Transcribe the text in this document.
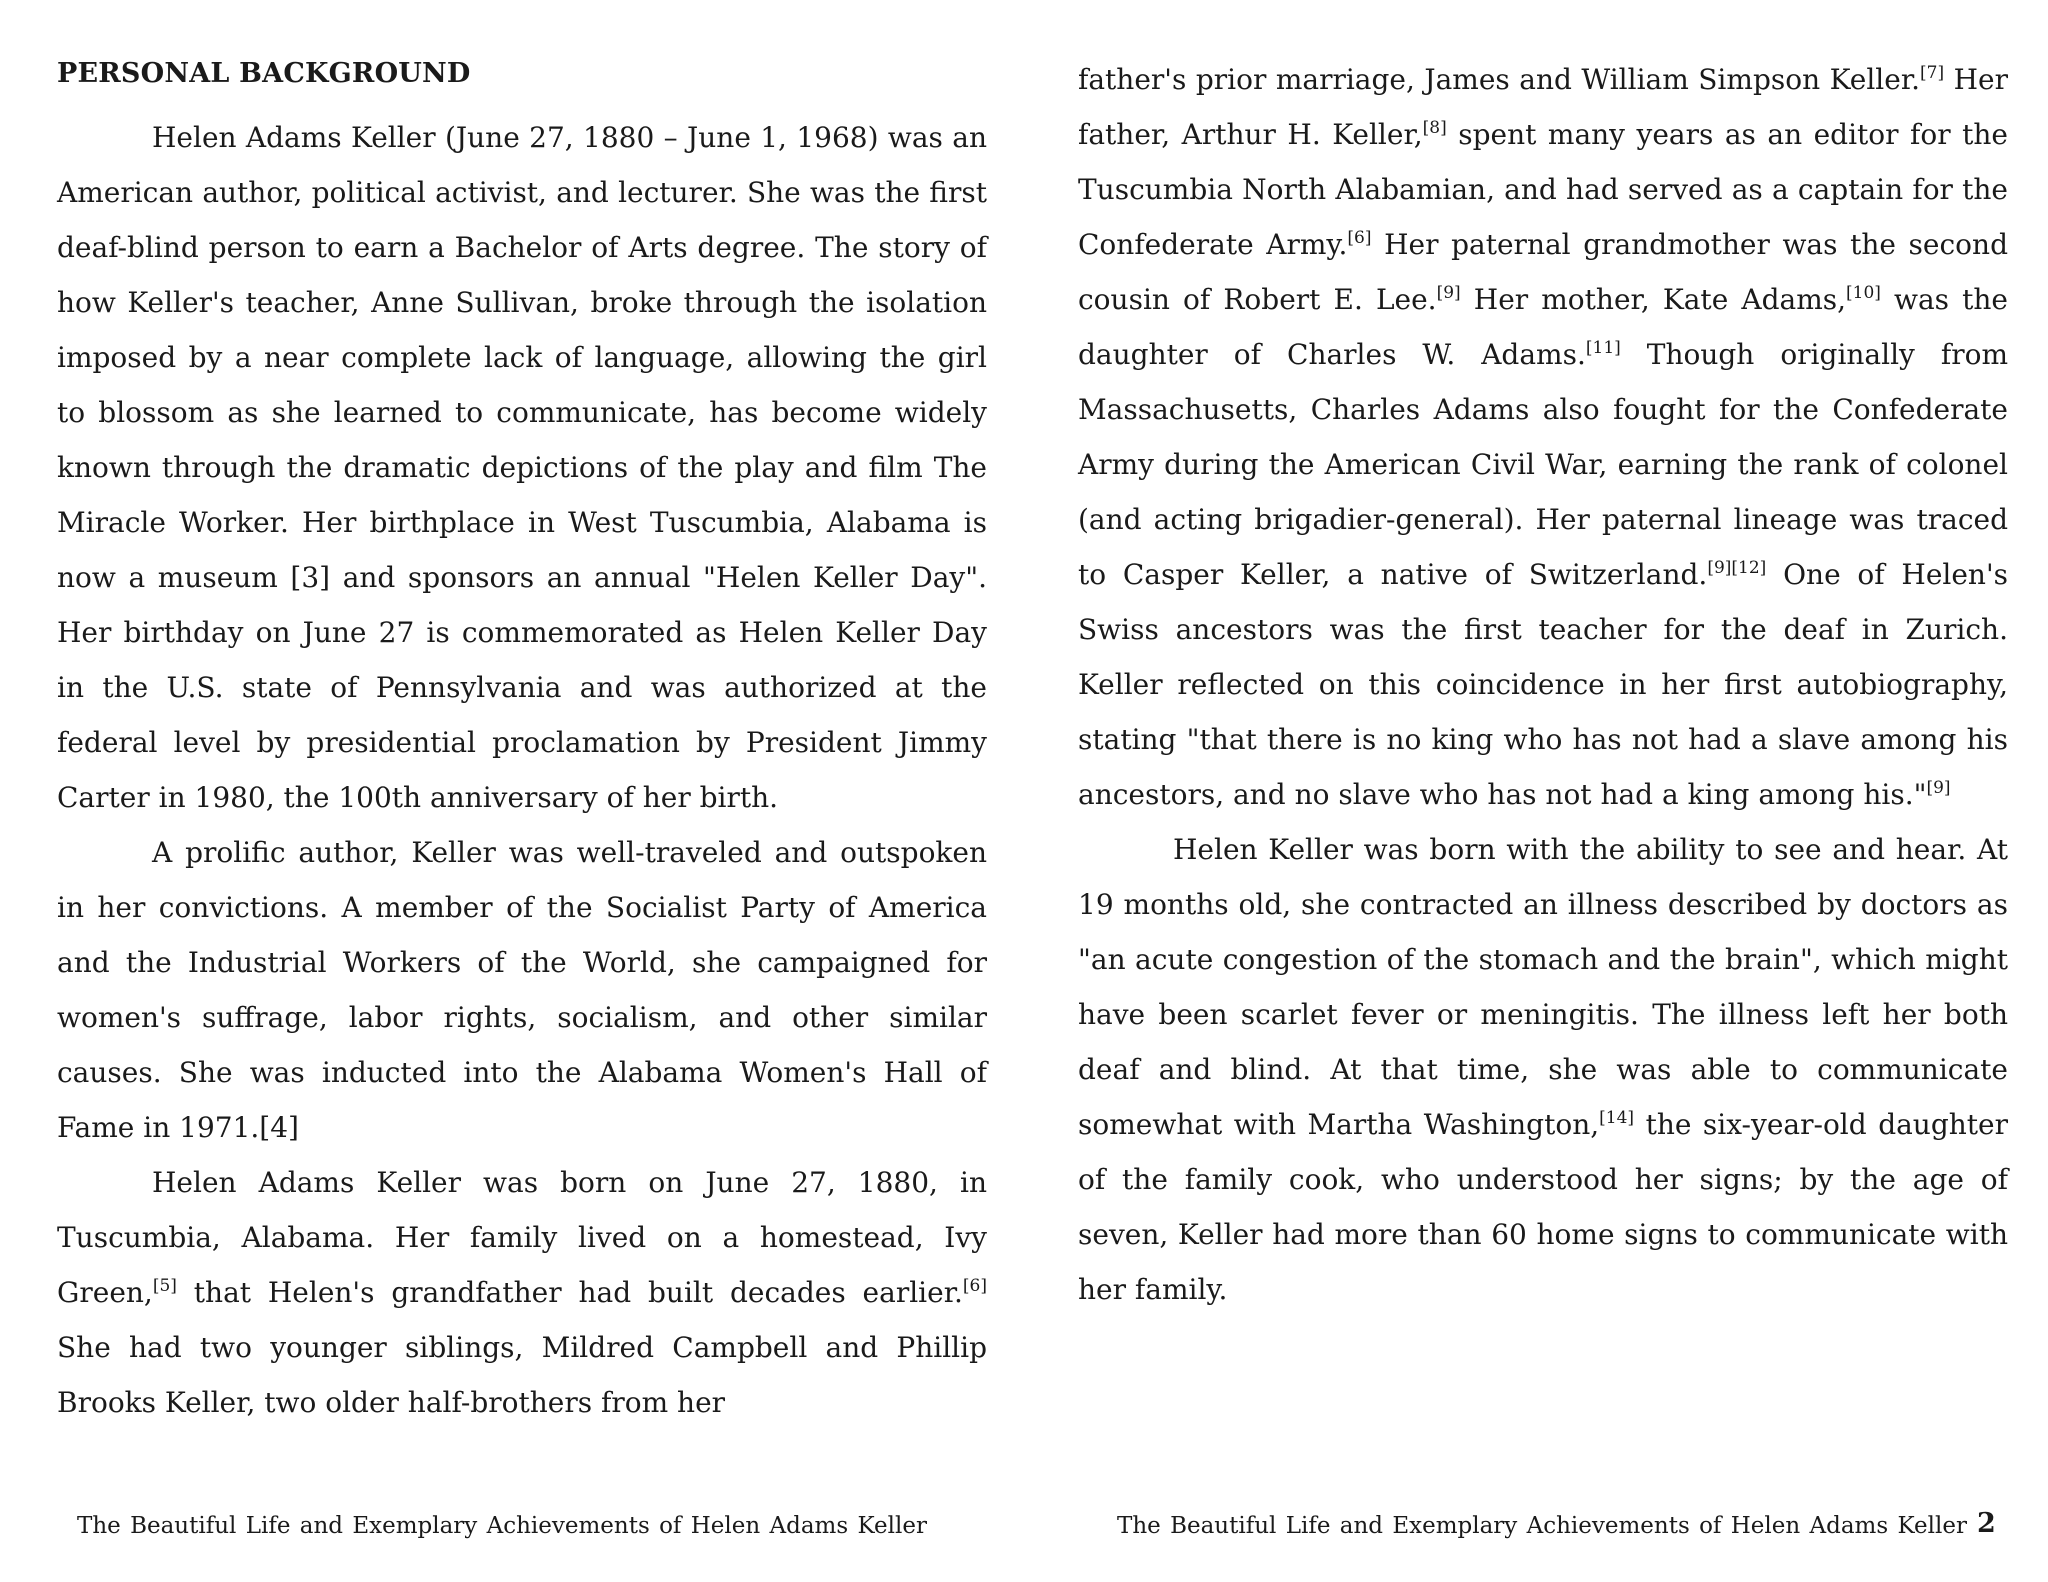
PERSONAL BACKGROUND

Helen Adams Keller (June 27, 1880 – June 1, 1968) was an American author, political activist, and lecturer. She was the first deaf-blind person to earn a Bachelor of Arts degree. The story of how Keller's teacher, Anne Sullivan, broke through the isolation imposed by a near complete lack of language, allowing the girl to blossom as she learned to communicate, has become widely known through the dramatic depictions of the play and film The Miracle Worker. Her birthplace in West Tuscumbia, Alabama is now a museum [3] and sponsors an annual "Helen Keller Day". Her birthday on June 27 is commemorated as Helen Keller Day in the U.S. state of Pennsylvania and was authorized at the federal level by presidential proclamation by President Jimmy Carter in 1980, the 100th anniversary of her birth.

A prolific author, Keller was well-traveled and outspoken in her convictions. A member of the Socialist Party of America and the Industrial Workers of the World, she campaigned for women's suffrage, labor rights, socialism, and other similar causes. She was inducted into the Alabama Women's Hall of Fame in 1971.[4]

Helen Adams Keller was born on June 27, 1880, in Tuscumbia, Alabama. Her family lived on a homestead, Ivy Green,[5] that Helen's grandfather had built decades earlier.[6] She had two younger siblings, Mildred Campbell and Phillip Brooks Keller, two older half-brothers from her

father's prior marriage, James and William Simpson Keller.[7] Her father, Arthur H. Keller,[8] spent many years as an editor for the Tuscumbia North Alabamian, and had served as a captain for the Confederate Army.[6] Her paternal grandmother was the second cousin of Robert E. Lee.[9] Her mother, Kate Adams,[10] was the daughter of Charles W. Adams.[11] Though originally from Massachusetts, Charles Adams also fought for the Confederate Army during the American Civil War, earning the rank of colonel (and acting brigadier-general). Her paternal lineage was traced to Casper Keller, a native of Switzerland.[9][12] One of Helen's Swiss ancestors was the first teacher for the deaf in Zurich. Keller reflected on this coincidence in her first autobiography, stating "that there is no king who has not had a slave among his ancestors, and no slave who has not had a king among his."[9]

Helen Keller was born with the ability to see and hear. At 19 months old, she contracted an illness described by doctors as "an acute congestion of the stomach and the brain", which might have been scarlet fever or meningitis. The illness left her both deaf and blind. At that time, she was able to communicate somewhat with Martha Washington,[14] the six-year-old daughter of the family cook, who understood her signs; by the age of seven, Keller had more than 60 home signs to communicate with her family.

The Beautiful Life and Exemplary Achievements of Helen Adams Keller	The Beautiful Life and Exemplary Achievements of Helen Adams Keller 2
